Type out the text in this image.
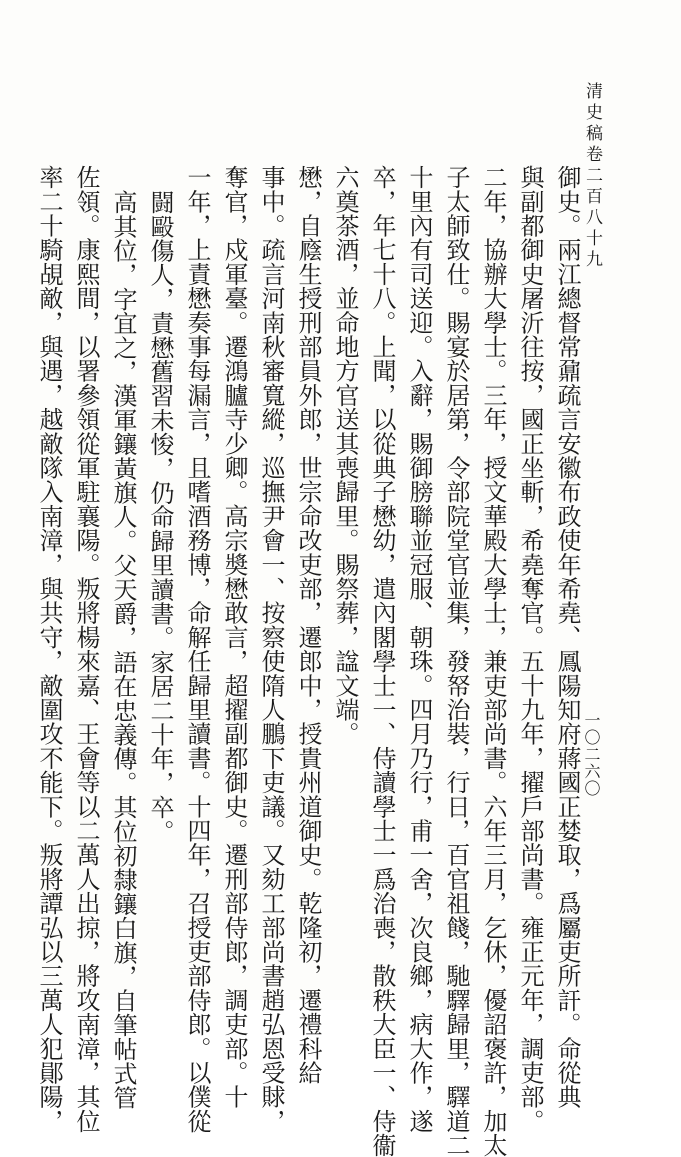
清史稿卷二百八十九
一〇二六〇
御史。兩江總督常鼐疏言安徽布政使年希堯、鳳陽知府蔣國正婪取，爲屬吏所訐。命從典
與副都御史屠沂往按，國正坐斬，希堯奪官。五十九年，擢戶部尚書。雍正元年，調吏部。
二年，協辦大學士。三年，授文華殿大學士，兼吏部尚書。六年三月，乞休，優詔褒許，加太
子太師致仕。賜宴於居第，令部院堂官並集，發帑治裝，行日，百官祖餞，馳驛歸里，驛道二
十里內有司送迎。入辭，賜御膀聯並冠服、朝珠。四月乃行，甫一舍，次良鄉，病大作，遂
卒，年七十八。上聞，以從典子懋幼，遣內閣學士一、侍讀學士一爲治喪，散秩大臣一、侍衞
六奠茶酒，並命地方官送其喪歸里。賜祭葬，諡文端。
懋，自廕生授刑部員外郎，世宗命改吏部，遷郎中，授貴州道御史。乾隆初，遷禮科給
事中。疏言河南秋審寬縱，巡撫尹會一、按察使隋人鵬下吏議。又劾工部尚書趙弘恩受賕，
奪官，戍軍臺。遷鴻臚寺少卿。高宗奬懋敢言，超擢副都御史。遷刑部侍郎，調吏部。十
一年，上責懋奏事每漏言，且嗜酒務博，命解任歸里讀書。十四年，召授吏部侍郎。以僕從
闘毆傷人，責懋舊習未悛，仍命歸里讀書。家居二十年，卒。
高其位，字宜之，漢軍鑲黃旗人。父天爵，語在忠義傳。其位初隸鑲白旗，自筆帖式管
佐領。康熙間，以署參領從軍駐襄陽。叛將楊來嘉、王會等以二萬人出掠，將攻南漳，其位
率二十騎覘敵，與遇，越敵隊入南漳，與共守，敵圍攻不能下。叛將譚弘以三萬人犯鄖陽，
